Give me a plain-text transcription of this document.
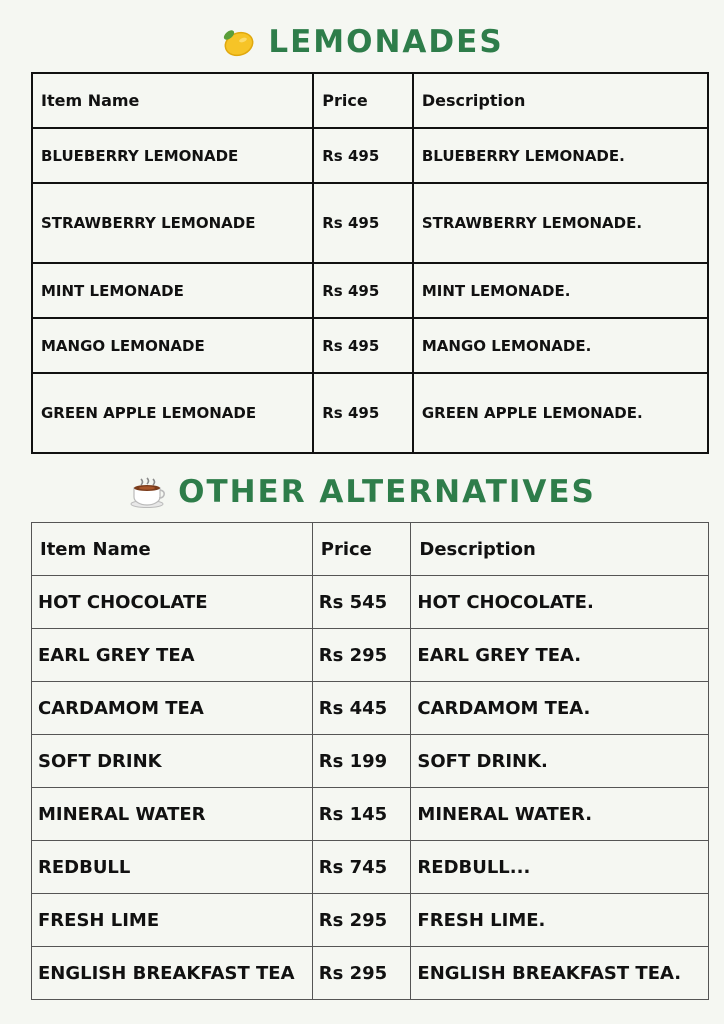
LEMONADES
Item Name	Price	Description
BLUEBERRY LEMONADE	Rs 495	BLUEBERRY LEMONADE.
STRAWBERRY LEMONADE	Rs 495	STRAWBERRY LEMONADE.
MINT LEMONADE	Rs 495	MINT LEMONADE.
MANGO LEMONADE	Rs 495	MANGO LEMONADE.
GREEN APPLE LEMONADE	Rs 495	GREEN APPLE LEMONADE.
OTHER ALTERNATIVES
Item Name	Price	Description
HOT CHOCOLATE	Rs 545	HOT CHOCOLATE.
EARL GREY TEA	Rs 295	EARL GREY TEA.
CARDAMOM TEA	Rs 445	CARDAMOM TEA.
SOFT DRINK	Rs 199	SOFT DRINK.
MINERAL WATER	Rs 145	MINERAL WATER.
REDBULL	Rs 745	REDBULL...
FRESH LIME	Rs 295	FRESH LIME.
ENGLISH BREAKFAST TEA	Rs 295	ENGLISH BREAKFAST TEA.
